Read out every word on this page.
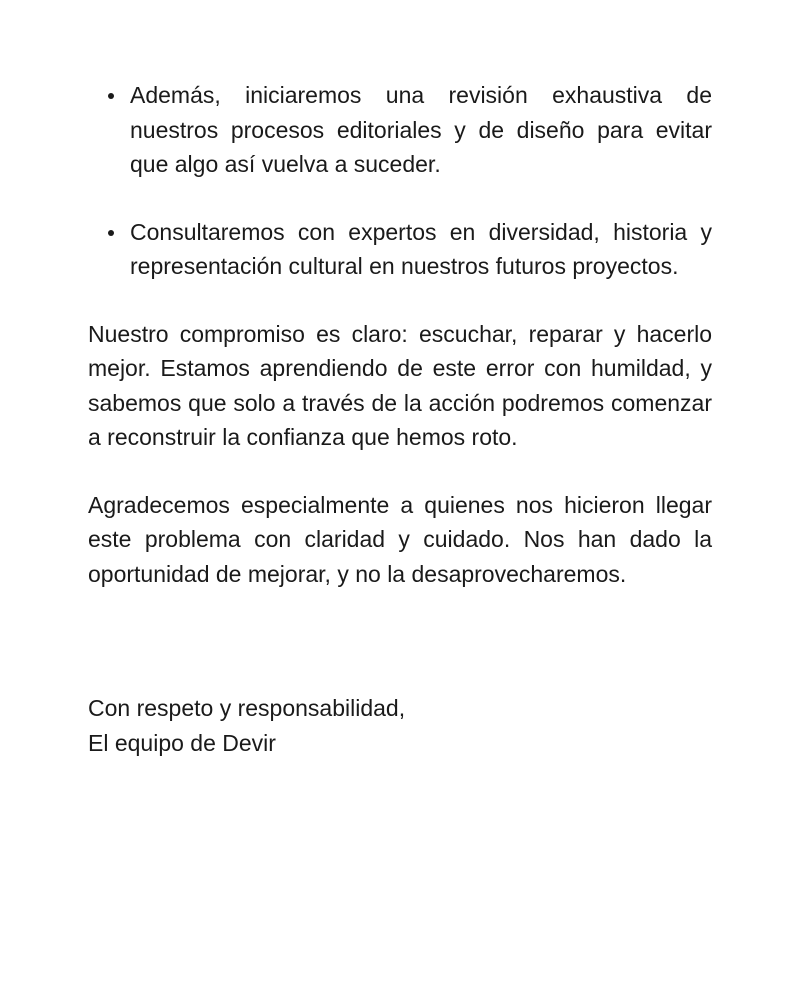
Además, iniciaremos una revisión exhaustiva de nuestros procesos editoriales y de diseño para evitar que algo así vuelva a suceder.
Consultaremos con expertos en diversidad, historia y representación cultural en nuestros futuros proyectos.

Nuestro compromiso es claro: escuchar, reparar y hacerlo mejor. Estamos aprendiendo de este error con humildad, y sabemos que solo a través de la acción podremos comenzar a reconstruir la confianza que hemos roto.

Agradecemos especialmente a quienes nos hicieron llegar este problema con claridad y cuidado. Nos han dado la oportunidad de mejorar, y no la desaprovecharemos.

Con respeto y responsabilidad,

El equipo de Devir
